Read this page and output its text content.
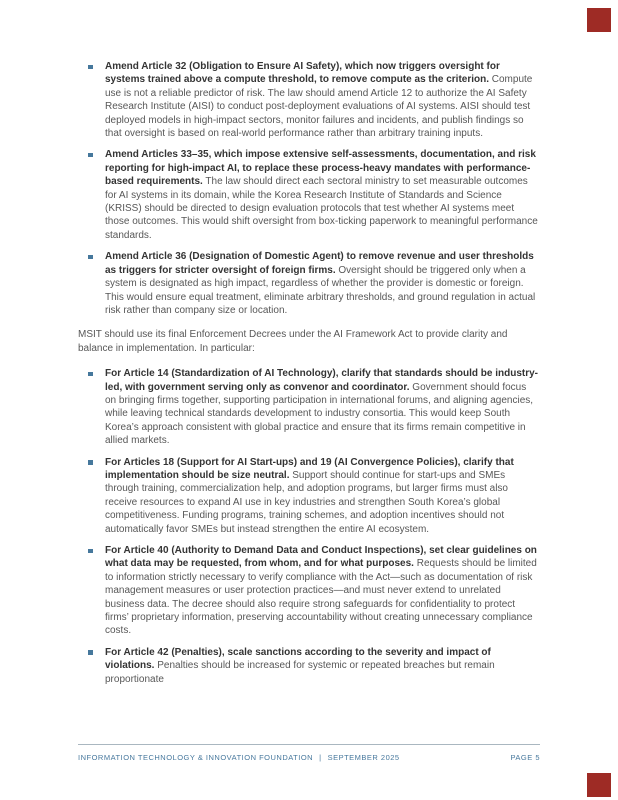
Amend Article 32 (Obligation to Ensure AI Safety), which now triggers oversight for systems trained above a compute threshold, to remove compute as the criterion. Compute use is not a reliable predictor of risk. The law should amend Article 12 to authorize the AI Safety Research Institute (AISI) to conduct post-deployment evaluations of AI systems. AISI should test deployed models in high-impact sectors, monitor failures and incidents, and publish findings so that oversight is based on real-world performance rather than arbitrary training inputs.
Amend Articles 33–35, which impose extensive self-assessments, documentation, and risk reporting for high-impact AI, to replace these process-heavy mandates with performance-based requirements. The law should direct each sectoral ministry to set measurable outcomes for AI systems in its domain, while the Korea Research Institute of Standards and Science (KRISS) should be directed to design evaluation protocols that test whether AI systems meet those outcomes. This would shift oversight from box-ticking paperwork to meaningful performance standards.
Amend Article 36 (Designation of Domestic Agent) to remove revenue and user thresholds as triggers for stricter oversight of foreign firms. Oversight should be triggered only when a system is designated as high impact, regardless of whether the provider is domestic or foreign. This would ensure equal treatment, eliminate arbitrary thresholds, and ground regulation in actual risk rather than company size or location.

MSIT should use its final Enforcement Decrees under the AI Framework Act to provide clarity and balance in implementation. In particular:

For Article 14 (Standardization of AI Technology), clarify that standards should be industry-led, with government serving only as convenor and coordinator. Government should focus on bringing firms together, supporting participation in international forums, and aligning agencies, while leaving technical standards development to industry consortia. This would keep South Korea’s approach consistent with global practice and ensure that its firms remain competitive in allied markets.
For Articles 18 (Support for AI Start-ups) and 19 (AI Convergence Policies), clarify that implementation should be size neutral. Support should continue for start-ups and SMEs through training, commercialization help, and adoption programs, but larger firms must also receive resources to expand AI use in key industries and strengthen South Korea’s global competitiveness. Funding programs, training schemes, and adoption incentives should not automatically favor SMEs but instead strengthen the entire AI ecosystem.
For Article 40 (Authority to Demand Data and Conduct Inspections), set clear guidelines on what data may be requested, from whom, and for what purposes. Requests should be limited to information strictly necessary to verify compliance with the Act—such as documentation of risk management measures or user protection practices—and must never extend to unrelated business data. The decree should also require strong safeguards for confidentiality to protect firms’ proprietary information, preserving accountability without creating unnecessary compliance costs.
For Article 42 (Penalties), scale sanctions according to the severity and impact of violations. Penalties should be increased for systemic or repeated breaches but remain proportionate
INFORMATION TECHNOLOGY & INNOVATION FOUNDATION | SEPTEMBER 2025	PAGE 5
